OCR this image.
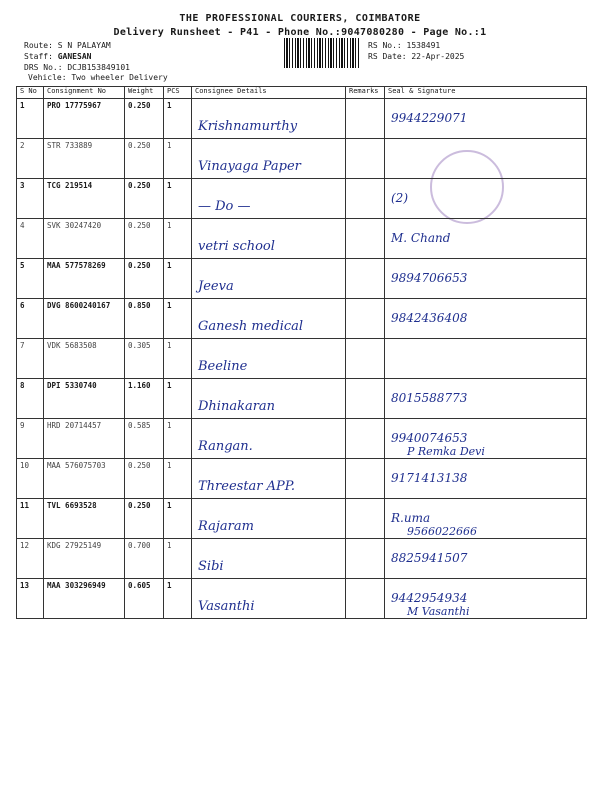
THE PROFESSIONAL COURIERS, COIMBATORE
Delivery Runsheet - P41 - Phone No.:9047080280 - Page No.:1
Route: S N PALAYAM
Staff: GANESAN
DRS No.: DCJB153849101
Vehicle: Two wheeler Delivery
RS No.: 1538491
RS Date: 22-Apr-2025
S No	Consignment No	Weight	PCS	Consignee Details	Remarks	Seal & Signature
1	PRO 17775967	0.250	1	Krishnamurthy		9944229071

2	STR 733889	0.250	1	Vinayaga Paper		

3	TCG 219514	0.250	1	— Do —		(2)

4	SVK 30247420	0.250	1	vetri school		M. Chand

5	MAA 577578269	0.250	1	Jeeva		9894706653

6	DVG 8600240167	0.850	1	Ganesh medical		9842436408

7	VDK 5683508	0.305	1	Beeline		

8	DPI 5330740	1.160	1	Dhinakaran		8015588773

9	HRD 20714457	0.585	1	Rangan.		9940074653
P Remka Devi

10	MAA 576075703	0.250	1	Threestar APP.		9171413138

11	TVL 6693528	0.250	1	Rajaram		R.uma
9566022666

12	KDG 27925149	0.700	1	Sibi		8825941507

13	MAA 303296949	0.605	1	Vasanthi		9442954934
M Vasanthi
